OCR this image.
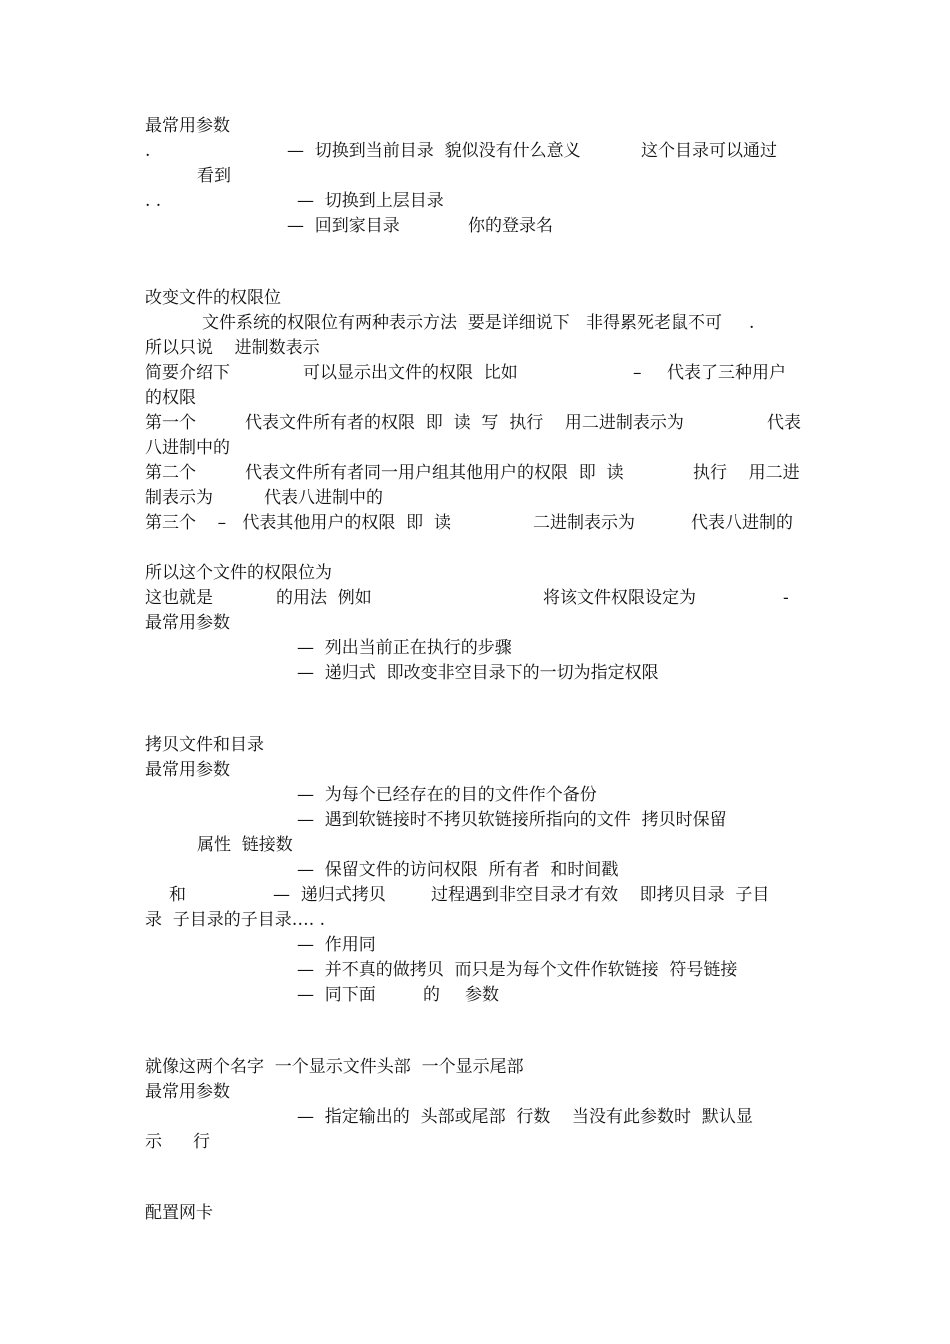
最常用参数

.	—  切换到当前目录  貌似没有什么意义	这个目录可以通过

看到

. .	—  切换到上层目录

—  回到家目录	你的登录名

改变文件的权限位

文件系统的权限位有两种表示方法  要是详细说下   非得累死老鼠不可     .

所以只说    进制数表示

简要介绍下	可以显示出文件的权限  比如	– 代表了三种用户

的权限

第一个	代表文件所有者的权限  即  读  写  执行    用二进制表示为	代表

八进制中的

第二个	代表文件所有者同一用户组其他用户的权限  即  读	执行    用二进

制表示为	代表八进制中的

第三个    –   代表其他用户的权限  即  读	二进制表示为	代表八进制的

所以这个文件的权限位为

这也就是	的用法  例如	将该文件权限设定为	-

最常用参数

—  列出当前正在执行的步骤

—  递归式  即改变非空目录下的一切为指定权限

拷贝文件和目录

最常用参数

—  为每个已经存在的目的文件作个备份

—  遇到软链接时不拷贝软链接所指向的文件  拷贝时保留

属性  链接数

—  保留文件的访问权限  所有者  和时间戳

和	—  递归式拷贝	过程遇到非空目录才有效    即拷贝目录  子目

录  子目录的子目录…. .

—  作用同

—  并不真的做拷贝  而只是为每个文件作软链接  符号链接

—  同下面	的 参数

就像这两个名字  一个显示文件头部  一个显示尾部

最常用参数

—  指定输出的  头部或尾部  行数    当没有此参数时  默认显

示 行

配置网卡
